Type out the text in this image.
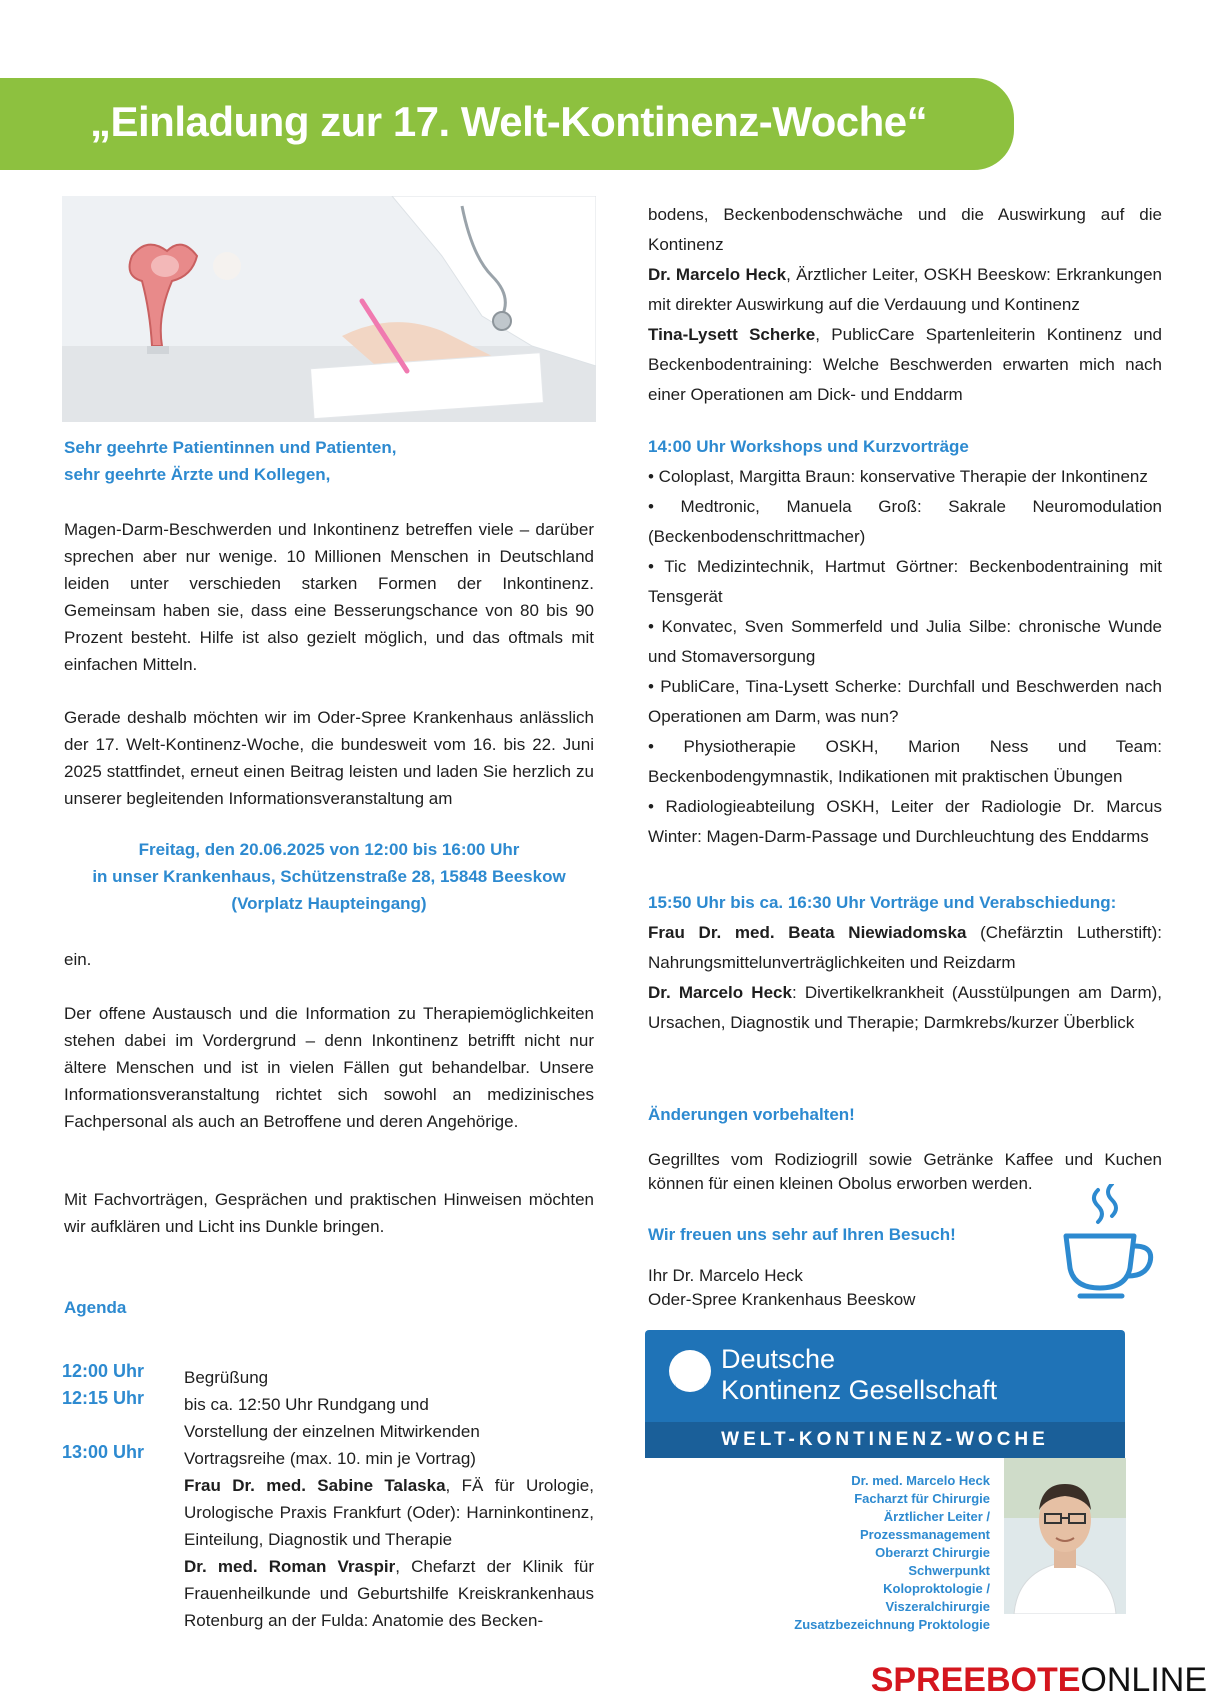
„Einladung zur 17. Welt-Kontinenz-Woche“
Sehr geehrte Patientinnen und Patienten,
sehr geehrte Ärzte und Kollegen,
Magen-Darm-Beschwerden und Inkontinenz betreffen viele – darüber sprechen aber nur wenige. 10 Millionen Menschen in Deutschland leiden unter verschieden starken Formen der Inkontinenz. Gemeinsam haben sie, dass eine Besserungschance von 80 bis 90 Prozent besteht. Hilfe ist also gezielt möglich, und das oftmals mit einfachen Mitteln.
Gerade deshalb möchten wir im Oder-Spree Krankenhaus anlässlich der 17. Welt-Kontinenz-Woche, die bundesweit vom 16. bis 22. Juni 2025 stattfindet, erneut einen Beitrag leisten und laden Sie herzlich zu unserer begleitenden Informationsveranstaltung am
Freitag, den 20.06.2025 von 12:00 bis 16:00 Uhr
in unser Krankenhaus, Schützenstraße 28, 15848 Beeskow
(Vorplatz Haupteingang)
ein.
Der offene Austausch und die Information zu Therapiemöglichkeiten stehen dabei im Vordergrund – denn Inkontinenz betrifft nicht nur ältere Menschen und ist in vielen Fällen gut behandelbar. Unsere Informationsveranstaltung richtet sich sowohl an medizinisches Fachpersonal als auch an Betroffene und deren Angehörige.
Mit Fachvorträgen, Gesprächen und praktischen Hinweisen möchten wir aufklären und Licht ins Dunkle bringen.
Agenda
12:00 Uhr	Begrüßung
12:15 Uhr	bis ca. 12:50 Uhr Rundgang und
Vorstellung der einzelnen Mitwirkenden
13:00 Uhr	Vortragsreihe (max. 10. min je Vortrag)
Frau Dr. med. Sabine Talaska, FÄ für Urologie, Urologische Praxis Frankfurt (Oder): Harninkontinenz, Einteilung, Diagnostik und Therapie
Dr. med. Roman Vraspir, Chefarzt der Klinik für Frauenheilkunde und Geburtshilfe Kreiskrankenhaus Rotenburg an der Fulda: Anatomie des Becken-
bodens, Beckenbodenschwäche und die Auswirkung auf die Kontinenz
Dr. Marcelo Heck, Ärztlicher Leiter, OSKH Beeskow: Erkrankungen mit direkter Auswirkung auf die Verdauung und Kontinenz
Tina-Lysett Scherke, PublicCare Spartenleiterin Kontinenz und Beckenbodentraining: Welche Beschwerden erwarten mich nach einer Operationen am Dick- und Enddarm
14:00 Uhr Workshops und Kurzvorträge
• Coloplast, Margitta Braun: konservative Therapie der Inkontinenz
• Medtronic, Manuela Groß: Sakrale Neuromodulation (Beckenbodenschrittmacher)
• Tic Medizintechnik, Hartmut Görtner: Beckenbodentraining mit Tensgerät
• Konvatec, Sven Sommerfeld und Julia Silbe: chronische Wunde und Stomaversorgung
• PubliCare, Tina-Lysett Scherke: Durchfall und Beschwerden nach Operationen am Darm, was nun?
• Physiotherapie OSKH, Marion Ness und Team: Beckenbodengymnastik, Indikationen mit praktischen Übungen
• Radiologieabteilung OSKH, Leiter der Radiologie Dr. Marcus Winter: Magen-Darm-Passage und Durchleuchtung des Enddarms
15:50 Uhr bis ca. 16:30 Uhr Vorträge und Verabschiedung:
Frau Dr. med. Beata Niewiadomska (Chefärztin Lutherstift): Nahrungsmittelunverträglichkeiten und Reizdarm
Dr. Marcelo Heck: Divertikelkrankheit (Ausstülpungen am Darm), Ursachen, Diagnostik und Therapie; Darmkrebs/kurzer Überblick
Änderungen vorbehalten!
Gegrilltes vom Rodiziogrill sowie Getränke Kaffee und Kuchen können für einen kleinen Obolus erworben werden.
Wir freuen uns sehr auf Ihren Besuch!
Ihr Dr. Marcelo Heck
Oder-Spree Krankenhaus Beeskow
Deutsche
Kontinenz Gesellschaft
WELT-KONTINENZ-WOCHE
Dr. med. Marcelo Heck
Facharzt für Chirurgie
Ärztlicher Leiter /
Prozessmanagement
Oberarzt Chirurgie
Schwerpunkt
Koloproktologie /
Viszeralchirurgie
Zusatzbezeichnung Proktologie
SPREEBOTEONLINE
